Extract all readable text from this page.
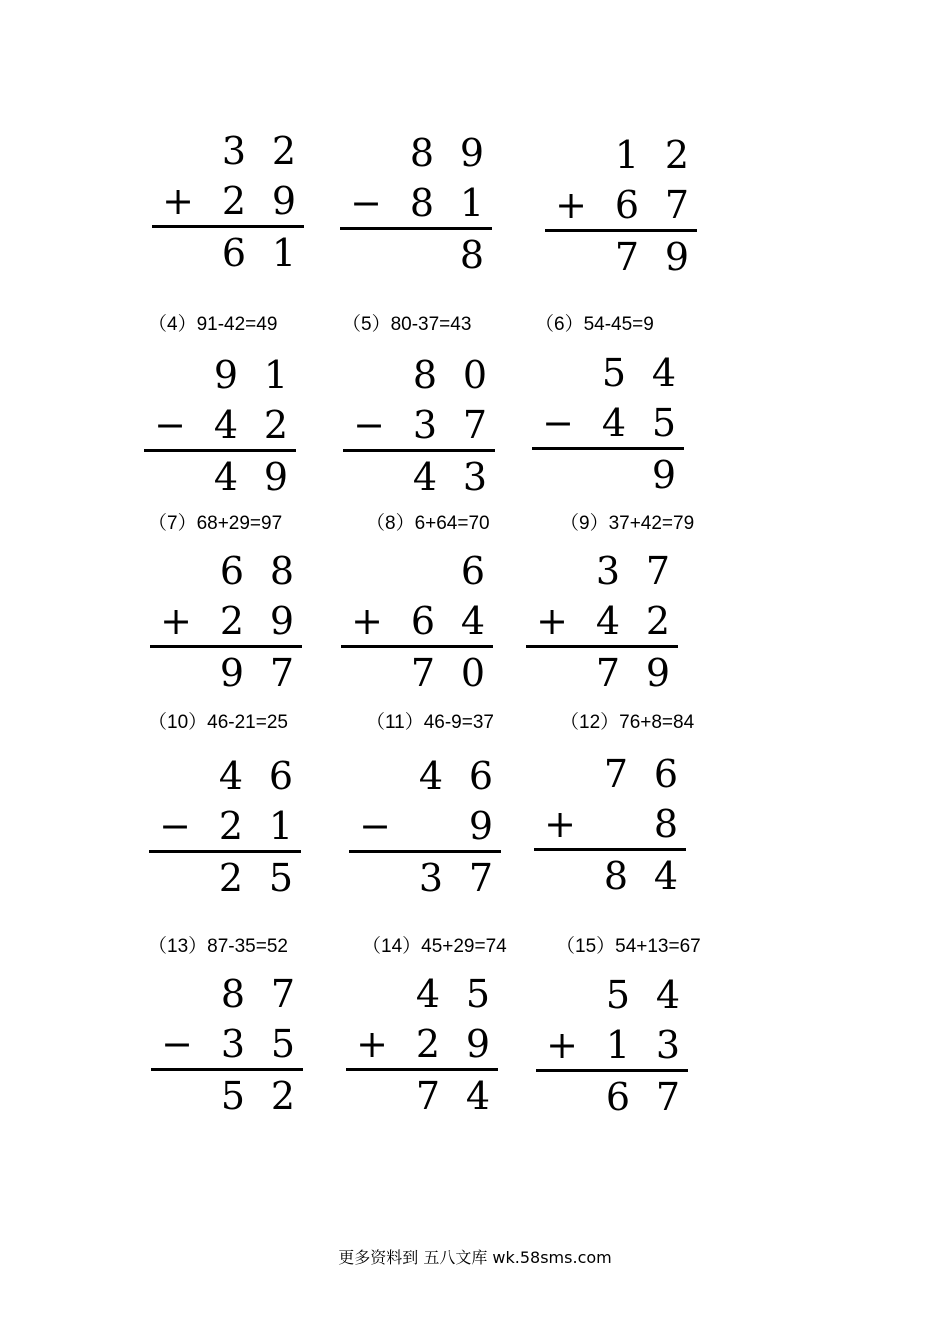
3 2
+ 2 9
6 1
8 9
− 8 1
8
1 2
+ 6 7
7 9
（4）91-42=49	（5）80-37=43	（6）54-45=9
9 1
− 4 2
4 9
8 0
− 3 7
4 3
5 4
− 4 5
9
（7）68+29=97	（8）6+64=70	（9）37+42=79
6 8
+ 2 9
9 7
6
+ 6 4
7 0
3 7
+ 4 2
7 9
（10）46-21=25	（11）46-9=37	（12）76+8=84
4 6
− 2 1
2 5
4 6
− 9
3 7
7 6
+ 8
8 4
（13）87-35=52	（14）45+29=74	（15）54+13=67
8 7
− 3 5
5 2
4 5
+ 2 9
7 4
5 4
+ 1 3
6 7
更多资料到 五八文库 wk.58sms.com
